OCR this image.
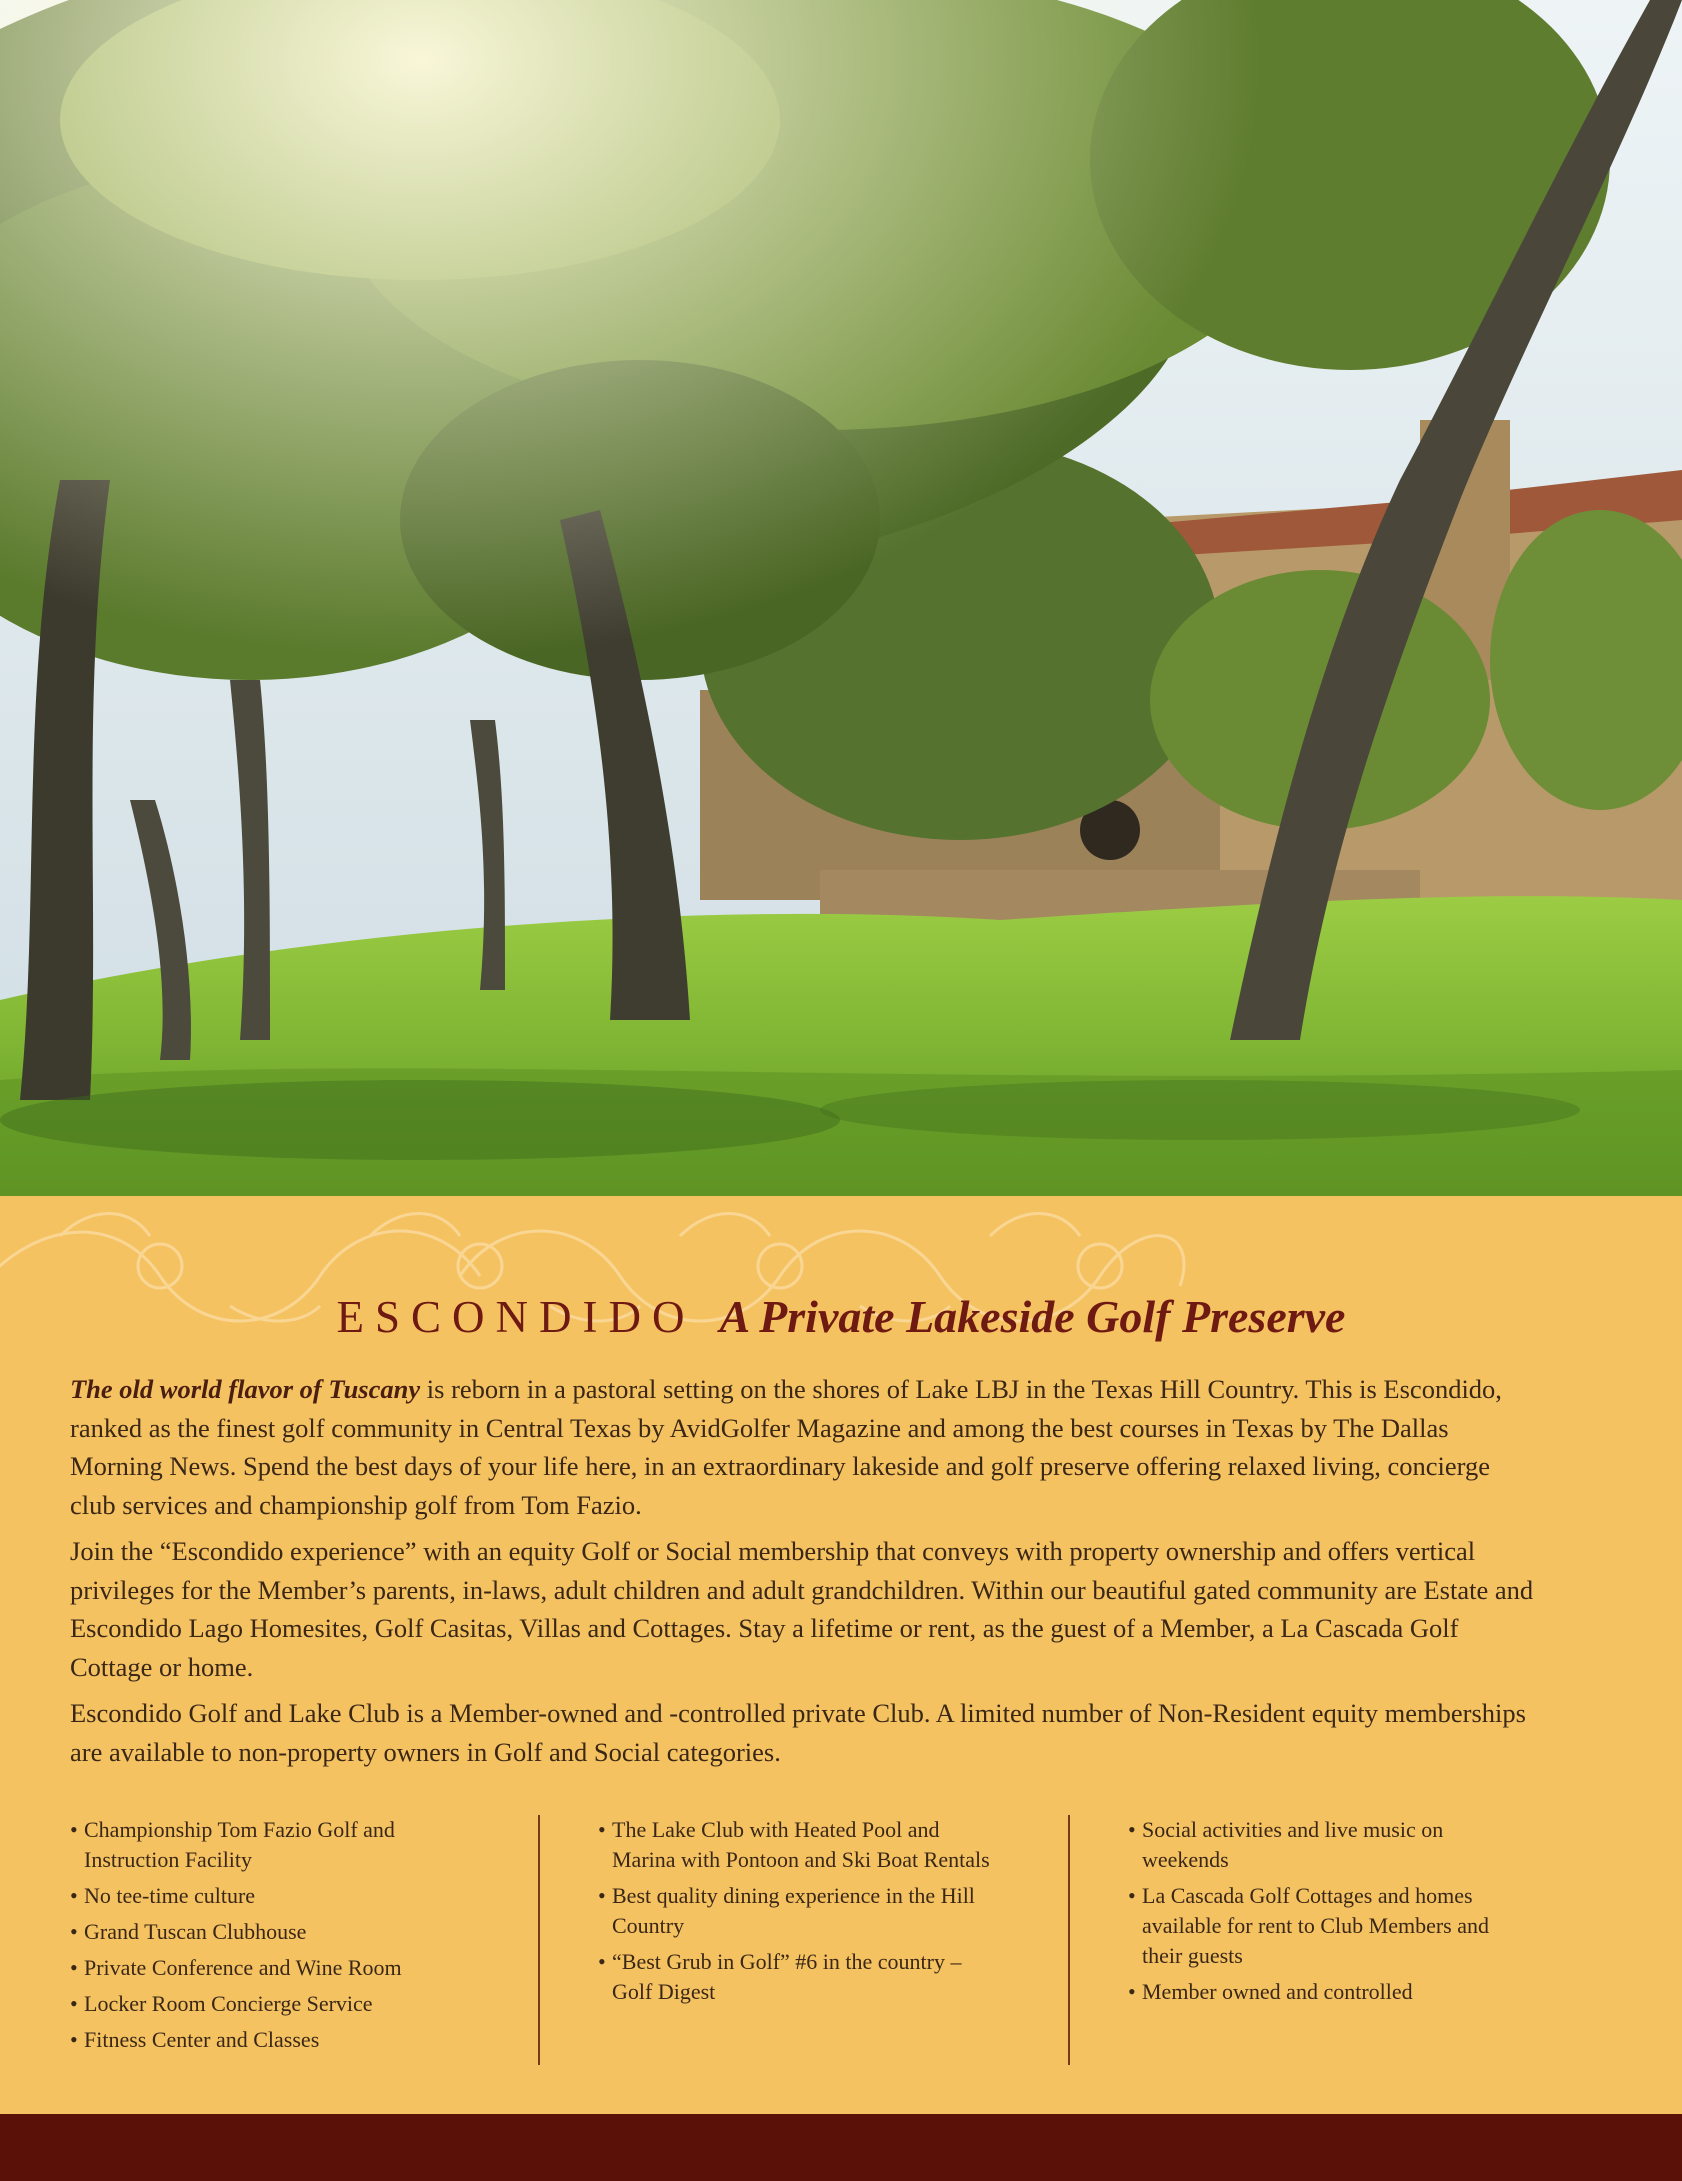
ESCONDIDO A Private Lakeside Golf Preserve

The old world flavor of Tuscany is reborn in a pastoral setting on the shores of Lake LBJ in the Texas Hill Country. This is Escondido, ranked as the finest golf community in Central Texas by AvidGolfer Magazine and among the best courses in Texas by The Dallas Morning News. Spend the best days of your life here, in an extraordinary lakeside and golf preserve offering relaxed living, concierge club services and championship golf from Tom Fazio.

Join the “Escondido experience” with an equity Golf or Social membership that conveys with property ownership and offers vertical privileges for the Member’s parents, in-laws, adult children and adult grandchildren. Within our beautiful gated community are Estate and Escondido Lago Homesites, Golf Casitas, Villas and Cottages. Stay a lifetime or rent, as the guest of a Member, a La Cascada Golf Cottage or home.

Escondido Golf and Lake Club is a Member-owned and -controlled private Club. A limited number of Non-Resident equity memberships are available to non-property owners in Golf and Social categories.

• Championship Tom Fazio Golf and Instruction Facility
• No tee-time culture
• Grand Tuscan Clubhouse
• Private Conference and Wine Room
• Locker Room Concierge Service
• Fitness Center and Classes
• The Lake Club with Heated Pool and Marina with Pontoon and Ski Boat Rentals
• Best quality dining experience in the Hill Country
• “Best Grub in Golf” #6 in the country – Golf Digest
• Social activities and live music on weekends
• La Cascada Golf Cottages and homes available for rent to Club Members and their guests
• Member owned and controlled
